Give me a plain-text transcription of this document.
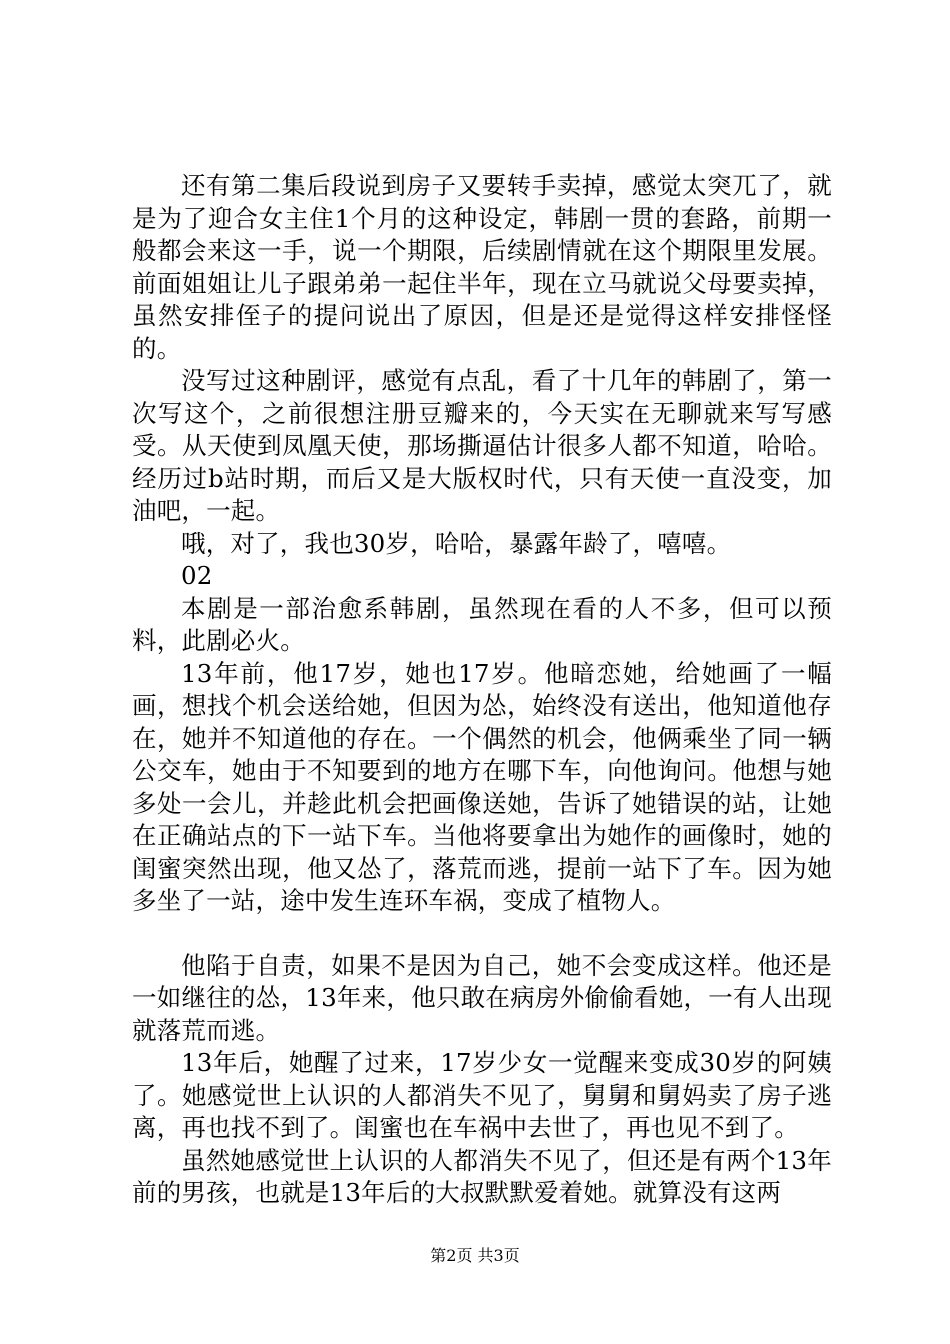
还有第二集后段说到房子又要转手卖掉，感觉太突兀了，就是为了迎合女主住1个月的这种设定，韩剧一贯的套路，前期一般都会来这一手，说一个期限，后续剧情就在这个期限里发展。前面姐姐让儿子跟弟弟一起住半年，现在立马就说父母要卖掉，虽然安排侄子的提问说出了原因，但是还是觉得这样安排怪怪的。

没写过这种剧评，感觉有点乱，看了十几年的韩剧了，第一次写这个，之前很想注册豆瓣来的，今天实在无聊就来写写感受。从天使到凤凰天使，那场撕逼估计很多人都不知道，哈哈。经历过b站时期，而后又是大版权时代，只有天使一直没变，加油吧，一起。

哦，对了，我也30岁，哈哈，暴露年龄了，嘻嘻。

02

本剧是一部治愈系韩剧，虽然现在看的人不多，但可以预料，此剧必火。

13年前，他17岁，她也17岁。他暗恋她，给她画了一幅画，想找个机会送给她，但因为怂，始终没有送出，他知道他存在，她并不知道他的存在。一个偶然的机会，他俩乘坐了同一辆公交车，她由于不知要到的地方在哪下车，向他询问。他想与她多处一会儿，并趁此机会把画像送她，告诉了她错误的站，让她在正确站点的下一站下车。当他将要拿出为她作的画像时，她的闺蜜突然出现，他又怂了，落荒而逃，提前一站下了车。因为她多坐了一站，途中发生连环车祸，变成了植物人。

他陷于自责，如果不是因为自己，她不会变成这样。他还是一如继往的怂，13年来，他只敢在病房外偷偷看她，一有人出现就落荒而逃。

13年后，她醒了过来，17岁少女一觉醒来变成30岁的阿姨了。她感觉世上认识的人都消失不见了，舅舅和舅妈卖了房子逃离，再也找不到了。闺蜜也在车祸中去世了，再也见不到了。

虽然她感觉世上认识的人都消失不见了，但还是有两个13年前的男孩，也就是13年后的大叔默默爱着她。就算没有这两

第2页 共3页
